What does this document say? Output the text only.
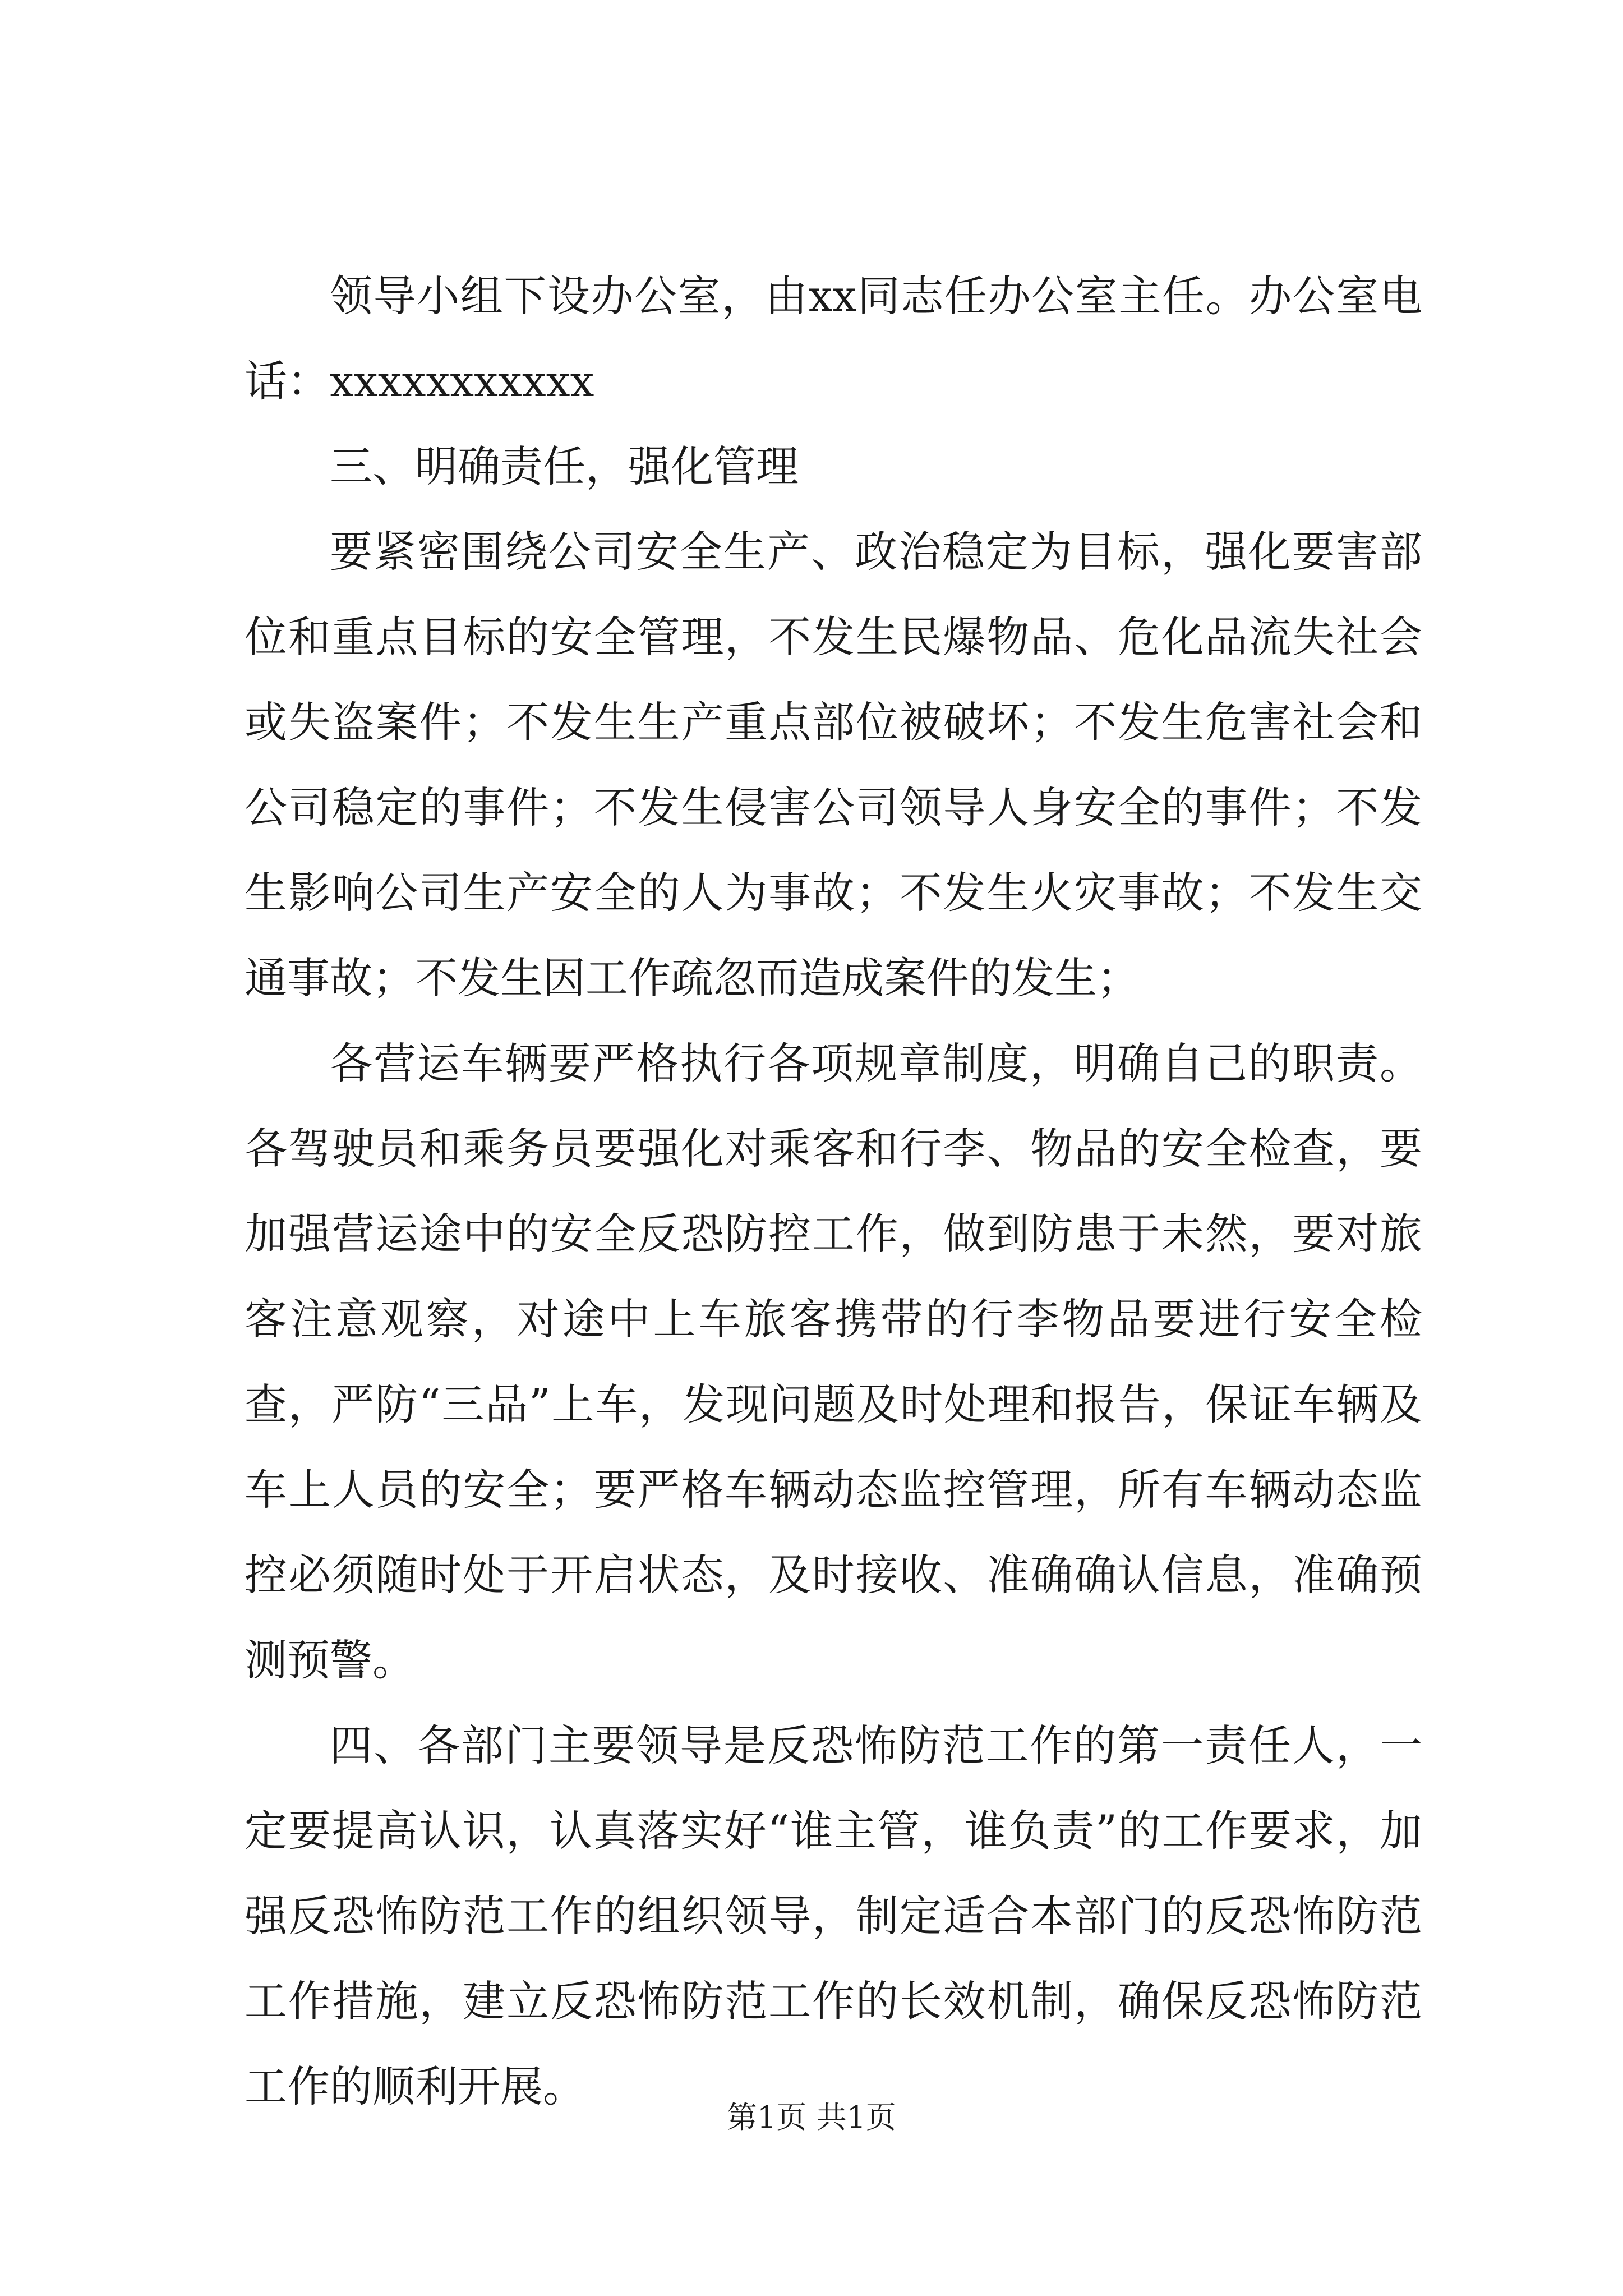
领导小组下设办公室，由xx同志任办公室主任。办公室电话：xxxxxxxxxxx

三、明确责任，强化管理

要紧密围绕公司安全生产、政治稳定为目标，强化要害部位和重点目标的安全管理，不发生民爆物品、危化品流失社会或失盗案件；不发生生产重点部位被破坏；不发生危害社会和公司稳定的事件；不发生侵害公司领导人身安全的事件；不发生影响公司生产安全的人为事故；不发生火灾事故；不发生交通事故；不发生因工作疏忽而造成案件的发生；

各营运车辆要严格执行各项规章制度，明确自己的职责。各驾驶员和乘务员要强化对乘客和行李、物品的安全检查，要加强营运途中的安全反恐防控工作，做到防患于未然，要对旅客注意观察，对途中上车旅客携带的行李物品要进行安全检查，严防“三品”上车，发现问题及时处理和报告，保证车辆及车上人员的安全；要严格车辆动态监控管理，所有车辆动态监控必须随时处于开启状态，及时接收、准确确认信息，准确预测预警。

四、各部门主要领导是反恐怖防范工作的第一责任人，一定要提高认识，认真落实好“谁主管，谁负责”的工作要求，加强反恐怖防范工作的组织领导，制定适合本部门的反恐怖防范工作措施，建立反恐怖防范工作的长效机制，确保反恐怖防范工作的顺利开展。

第1页 共1页
